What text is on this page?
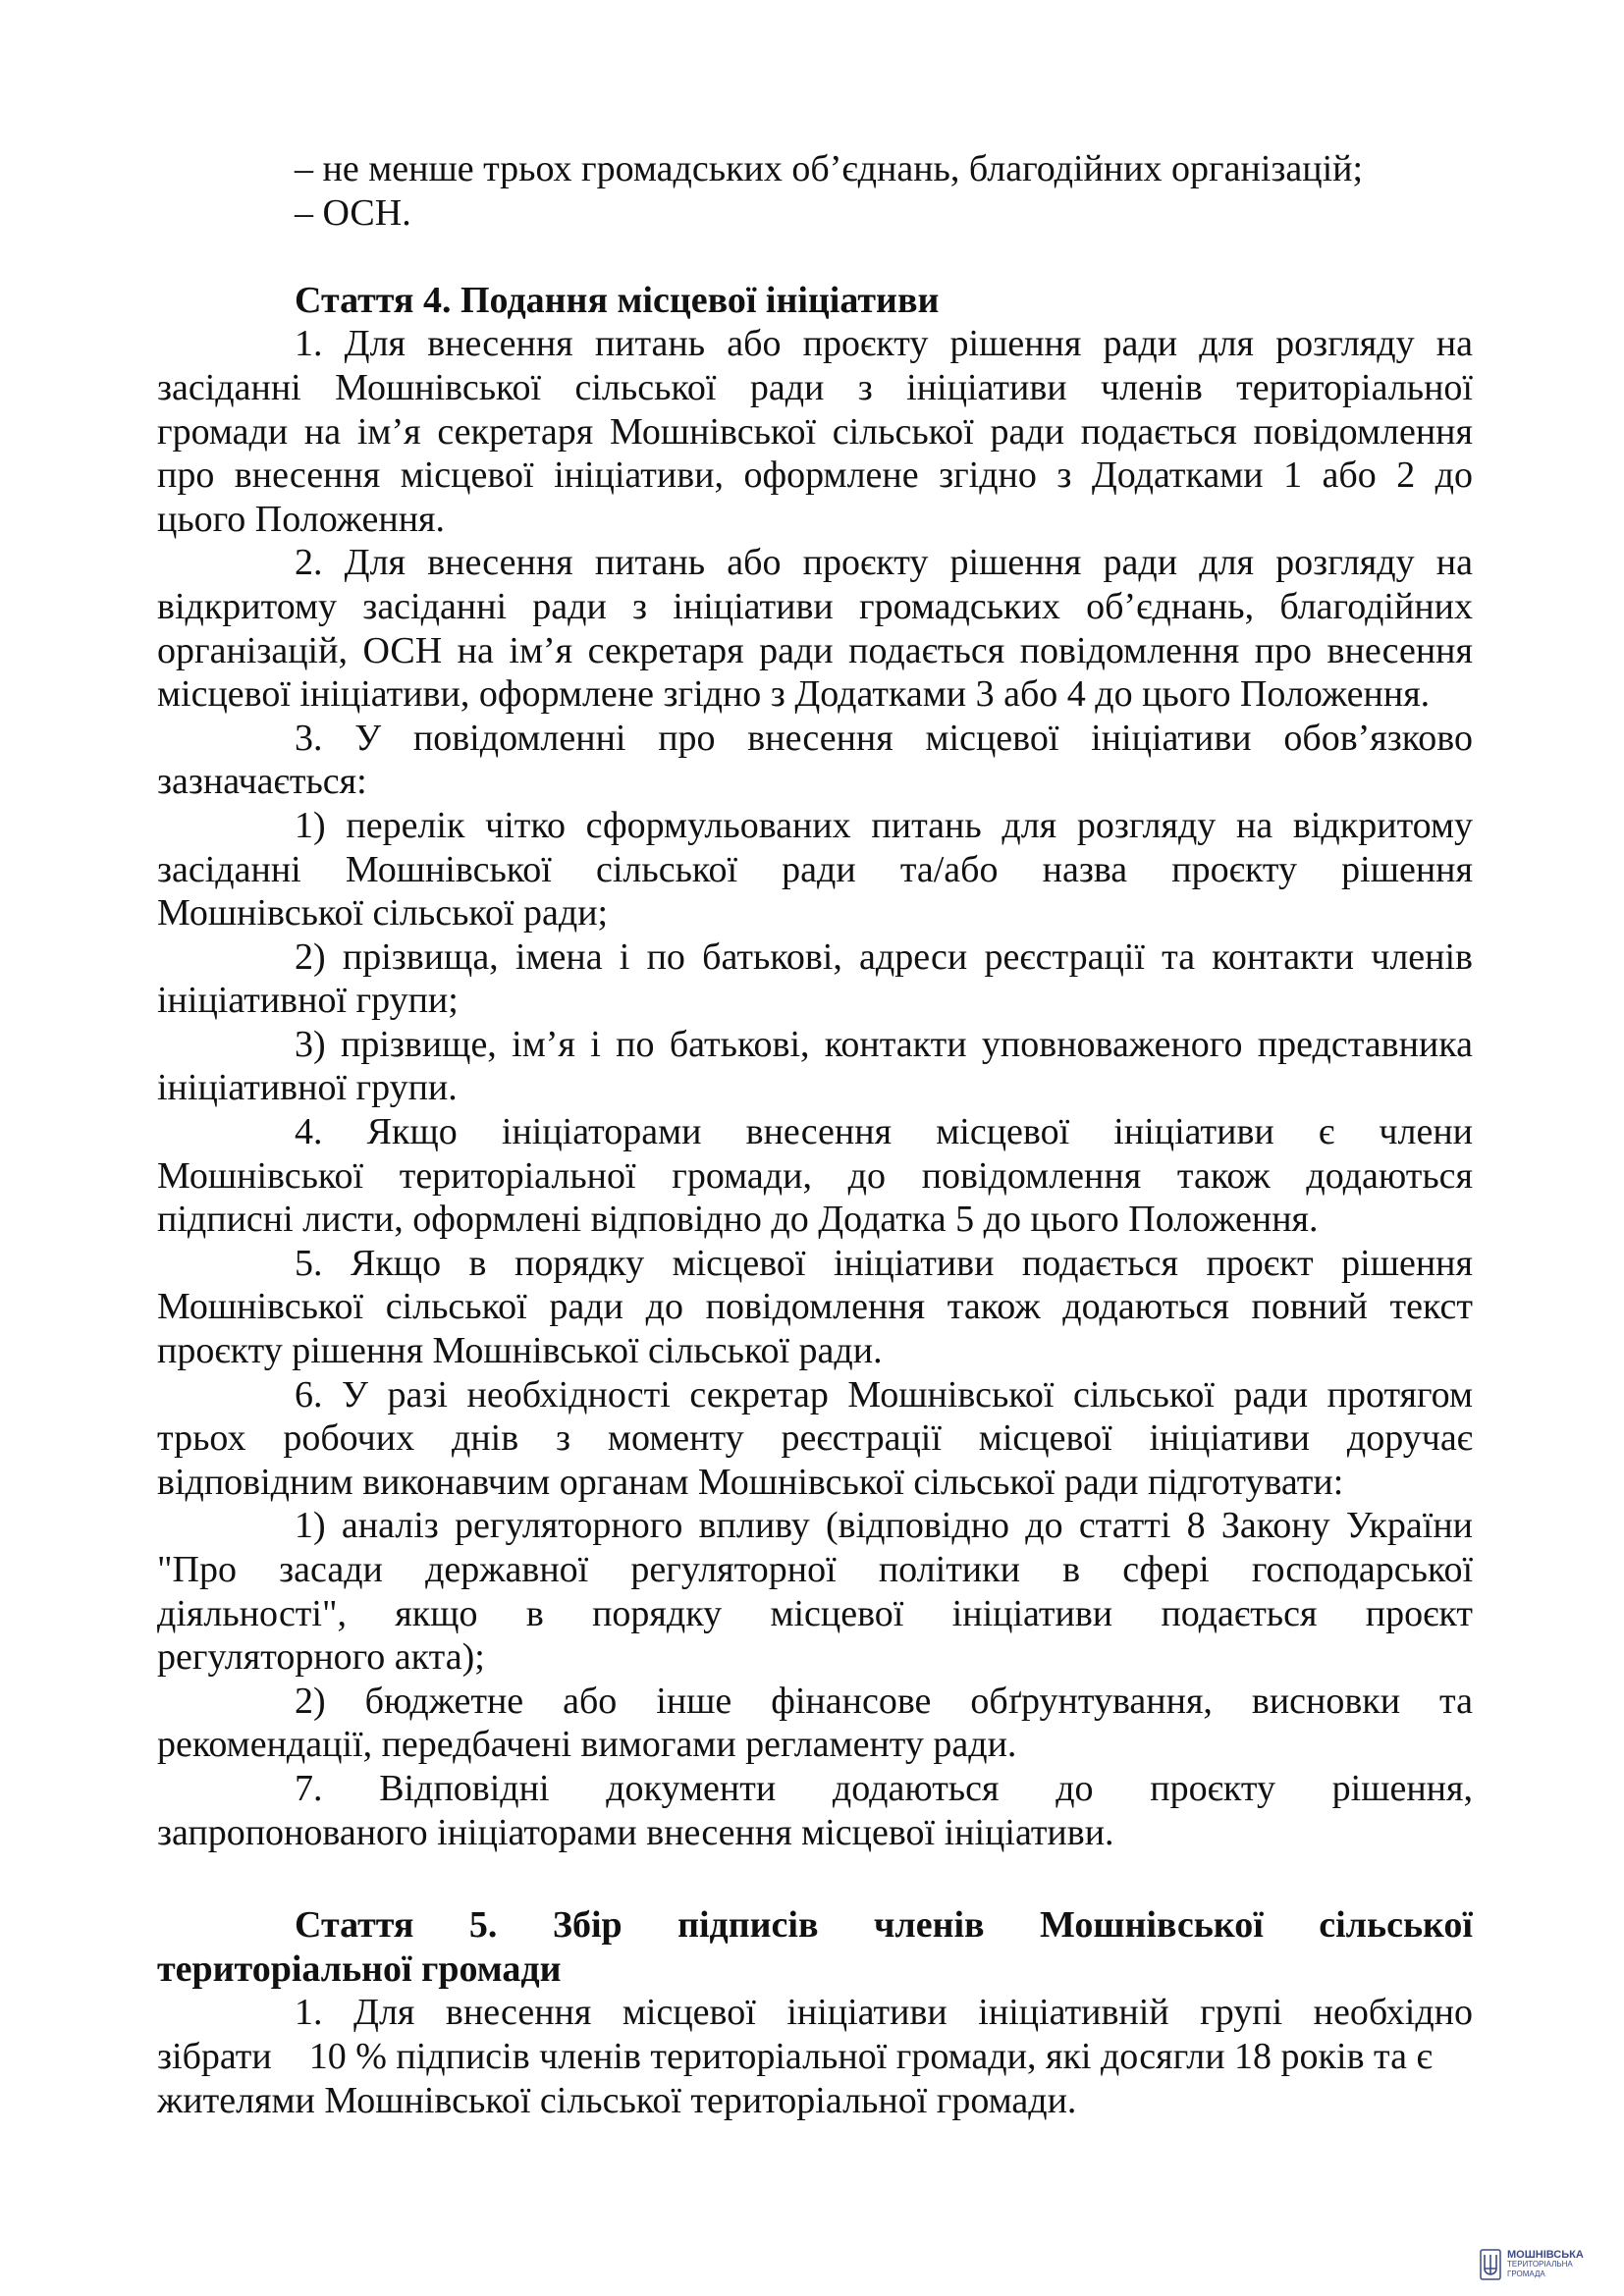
– не менше трьох громадських об’єднань, благодійних організацій;
– ОСН.
Стаття 4. Подання місцевої ініціативи
1. Для внесення питань або проєкту рішення ради для розгляду на
засіданні Мошнівської сільської ради з ініціативи членів територіальної
громади на ім’я секретаря Мошнівської сільської ради подається повідомлення
про внесення місцевої ініціативи, оформлене згідно з Додатками 1 або 2 до
цього Положення.
2. Для внесення питань або проєкту рішення ради для розгляду на
відкритому засіданні ради з ініціативи громадських об’єднань, благодійних
організацій, ОСН на ім’я секретаря ради подається повідомлення про внесення
місцевої ініціативи, оформлене згідно з Додатками 3 або 4 до цього Положення.
3. У повідомленні про внесення місцевої ініціативи обов’язково
зазначається:
1) перелік чітко сформульованих питань для розгляду на відкритому
засіданні Мошнівської сільської ради та/або назва проєкту рішення
Мошнівської сільської ради;
2) прізвища, імена і по батькові, адреси реєстрації та контакти членів
ініціативної групи;
3) прізвище, ім’я і по батькові, контакти уповноваженого представника
ініціативної групи.
4. Якщо ініціаторами внесення місцевої ініціативи є члени
Мошнівської територіальної громади, до повідомлення також додаються
підписні листи, оформлені відповідно до Додатка 5 до цього Положення.
5. Якщо в порядку місцевої ініціативи подається проєкт рішення
Мошнівської сільської ради до повідомлення також додаються повний текст
проєкту рішення Мошнівської сільської ради.
6. У разі необхідності секретар Мошнівської сільської ради протягом
трьох робочих днів з моменту реєстрації місцевої ініціативи доручає
відповідним виконавчим органам Мошнівської сільської ради підготувати:
1) аналіз регуляторного впливу (відповідно до статті 8 Закону України
"Про засади державної регуляторної політики в сфері господарської
діяльності", якщо в порядку місцевої ініціативи подається проєкт
регуляторного акта);
2) бюджетне або інше фінансове обґрунтування, висновки та
рекомендації, передбачені вимогами регламенту ради.
7. Відповідні документи додаються до проєкту рішення,
запропонованого ініціаторами внесення місцевої ініціативи.
Стаття 5. Збір підписів членів Мошнівської сільської
територіальної громади
1. Для внесення місцевої ініціативи ініціативній групі необхідно
зібрати    10 % підписів членів територіальної громади, які досягли 18 років та є
жителями Мошнівської сільської територіальної громади.
МОШНІВСЬКА
ТЕРИТОРІАЛЬНА
ГРОМАДА
